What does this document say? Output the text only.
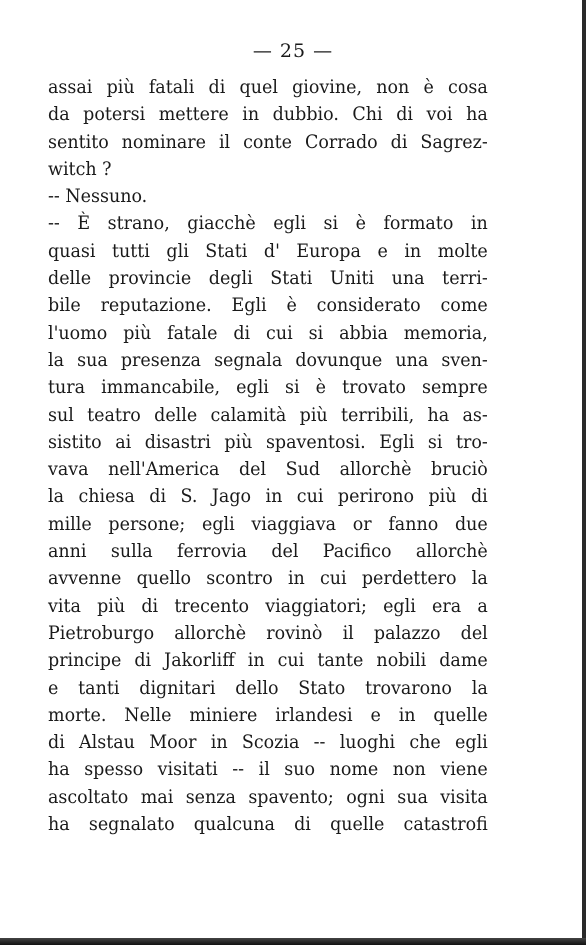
— 25 —
assai più fatali di quel giovine, non è cosa
da potersi mettere in dubbio. Chi di voi ha
sentito nominare il conte Corrado di Sagrez-
witch ?
-- Nessuno.
-- È strano, giacchè egli si è formato in
quasi tutti gli Stati d' Europa e in molte
delle provincie degli Stati Uniti una terri-
bile reputazione. Egli è considerato come
l'uomo più fatale di cui si abbia memoria,
la sua presenza segnala dovunque una sven-
tura immancabile, egli si è trovato sempre
sul teatro delle calamità più terribili, ha as-
sistito ai disastri più spaventosi. Egli si tro-
vava nell'America del Sud allorchè bruciò
la chiesa di S. Jago in cui perirono più di
mille persone; egli viaggiava or fanno due
anni sulla ferrovia del Pacifico allorchè
avvenne quello scontro in cui perdettero la
vita più di trecento viaggiatori; egli era a
Pietroburgo allorchè rovinò il palazzo del
principe di Jakorliff in cui tante nobili dame
e tanti dignitari dello Stato trovarono la
morte. Nelle miniere irlandesi e in quelle
di Alstau Moor in Scozia -- luoghi che egli
ha spesso visitati -- il suo nome non viene
ascoltato mai senza spavento; ogni sua visita
ha segnalato qualcuna di quelle catastrofi
